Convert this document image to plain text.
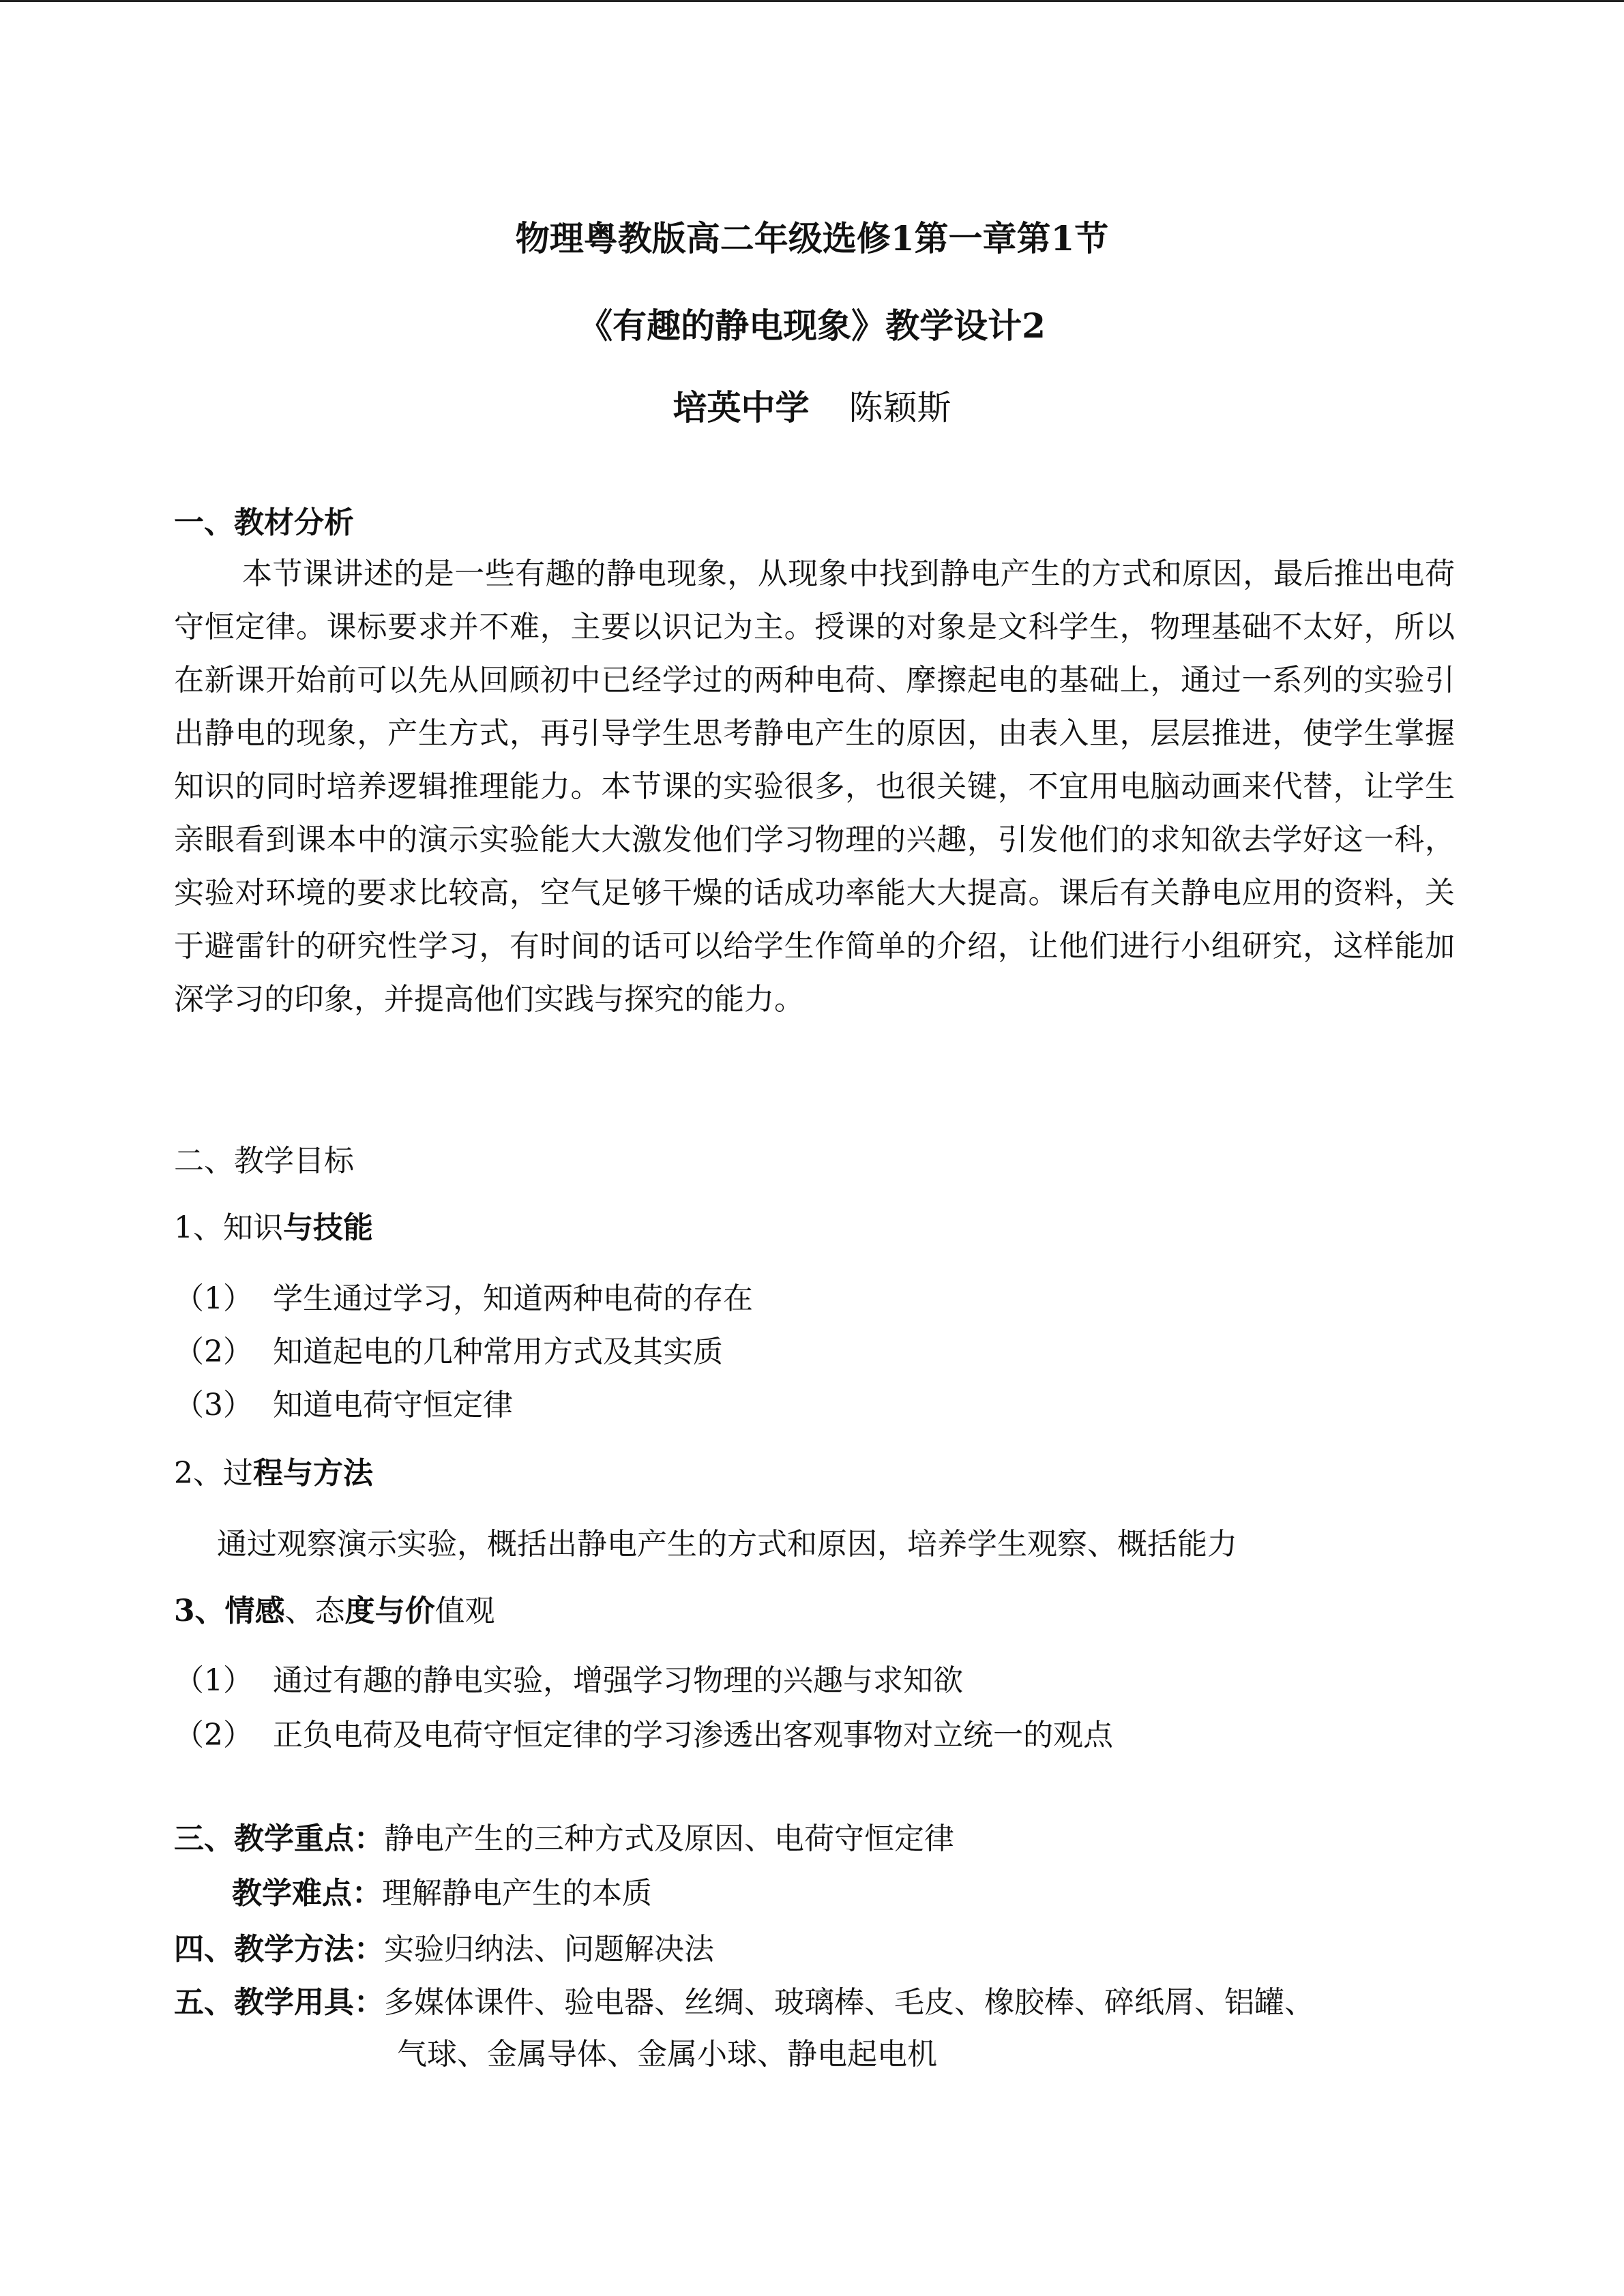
物理粤教版高二年级选修1第一章第1节
《有趣的静电现象》教学设计2
培英中学 陈颖斯
一、教材分析

本节课讲述的是一些有趣的静电现象，从现象中找到静电产生的方式和原因，最后推出电荷守恒定律。课标要求并不难，主要以识记为主。授课的对象是文科学生，物理基础不太好，所以在新课开始前可以先从回顾初中已经学过的两种电荷、摩擦起电的基础上，通过一系列的实验引出静电的现象，产生方式，再引导学生思考静电产生的原因，由表入里，层层推进，使学生掌握知识的同时培养逻辑推理能力。本节课的实验很多，也很关键，不宜用电脑动画来代替，让学生亲眼看到课本中的演示实验能大大激发他们学习物理的兴趣，引发他们的求知欲去学好这一科，实验对环境的要求比较高，空气足够干燥的话成功率能大大提高。课后有关静电应用的资料，关于避雷针的研究性学习，有时间的话可以给学生作简单的介绍，让他们进行小组研究，这样能加深学习的印象，并提高他们实践与探究的能力。

二、教学目标
1、知识与技能
（1） 学生通过学习，知道两种电荷的存在
（2） 知道起电的几种常用方式及其实质
（3） 知道电荷守恒定律
2、过程与方法
通过观察演示实验，概括出静电产生的方式和原因，培养学生观察、概括能力
3、情感、态度与价值观
（1） 通过有趣的静电实验，增强学习物理的兴趣与求知欲
（2） 正负电荷及电荷守恒定律的学习渗透出客观事物对立统一的观点
三、教学重点：静电产生的三种方式及原因、电荷守恒定律
教学难点：理解静电产生的本质
四、教学方法：实验归纳法、问题解决法
五、教学用具：多媒体课件、验电器、丝绸、玻璃棒、毛皮、橡胶棒、碎纸屑、铝罐、
气球、金属导体、金属小球、静电起电机
